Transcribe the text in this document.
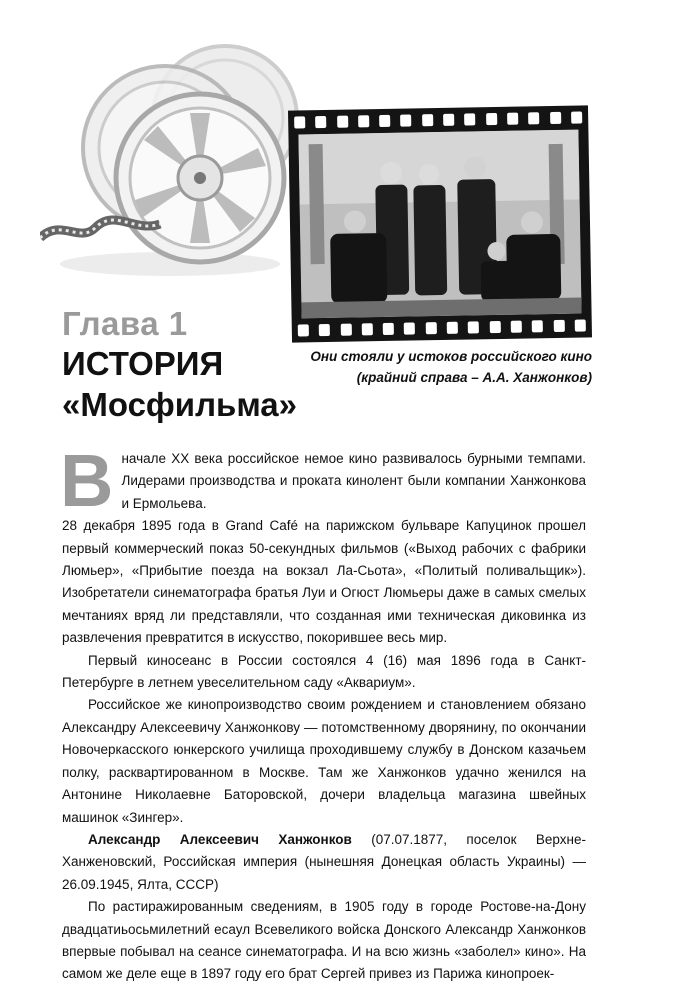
Они стояли у истоков российского кино
(крайний справа – А.А. Ханжонков)
Глава 1
ИСТОРИЯ
«Мосфильма»

Вначале XX века российское немое кино развивалось бурными темпами. Лидерами производства и проката кинолент были компании Ханжонкова и Ермольева.

28 декабря 1895 года в Grand Café на парижском бульваре Капуцинок прошел первый коммерческий показ 50-секундных фильмов («Выход рабочих с фабрики Люмьер», «Прибытие поезда на вокзал Ла-Сьота», «Политый поливальщик»). Изобретатели синематографа братья Луи и Огюст Люмьеры даже в самых смелых мечтаниях вряд ли представляли, что созданная ими техническая диковинка из развлечения превратится в искусство, покорившее весь мир.

Первый киносеанс в России состоялся 4 (16) мая 1896 года в Санкт-Петербурге в летнем увеселительном саду «Аквариум».

Российское же кинопроизводство своим рождением и становлением обязано Александру Алексеевичу Ханжонкову — потомственному дворянину, по окончании Новочеркасского юнкерского училища проходившему службу в Донском казачьем полку, расквартированном в Москве. Там же Ханжонков удачно женился на Антонине Николаевне Баторовской, дочери владельца магазина швейных машинок «Зингер».

Александр Алексеевич Ханжонков (07.07.1877, поселок Верхне-Ханженовский, Российская империя (нынешняя Донецкая область Украины) — 26.09.1945, Ялта, СССР)

По растиражированным сведениям, в 1905 году в городе Ростове-на-Дону двадцатиьосьмилетний есаул Всевеликого войска Донского Александр Ханжонков впервые побывал на сеансе синематографа. И на всю жизнь «заболел» кино». На самом же деле еще в 1897 году его брат Сергей привез из Парижа кинопроек-
